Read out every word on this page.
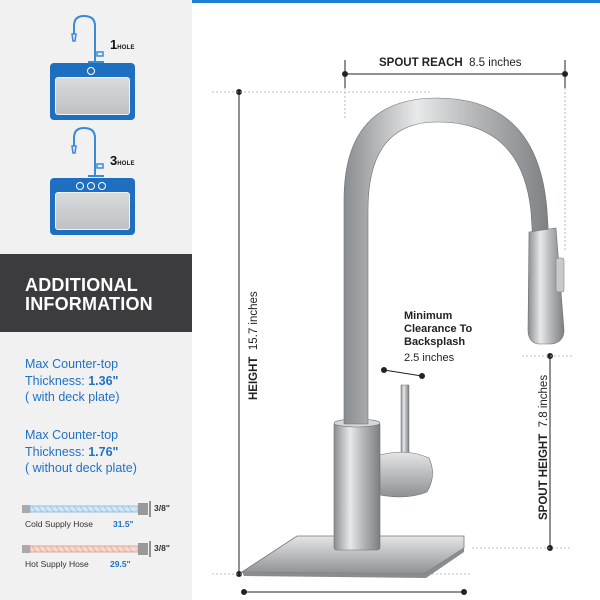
1HOLE
3HOLE
ADDITIONAL
INFORMATION
Max Counter-top
Thickness: 1.36"
( with deck plate)
Max Counter-top
Thickness: 1.76"
( without deck plate)
3/8"
Cold Supply Hose 31.5"
3/8"
Hot Supply Hose 29.5"
SPOUT REACH 8.5 inches
HEIGHT  15.7 inches
SPOUT HEIGHT  7.8 inches
Minimum
Clearance To
Backsplash
2.5 inches
